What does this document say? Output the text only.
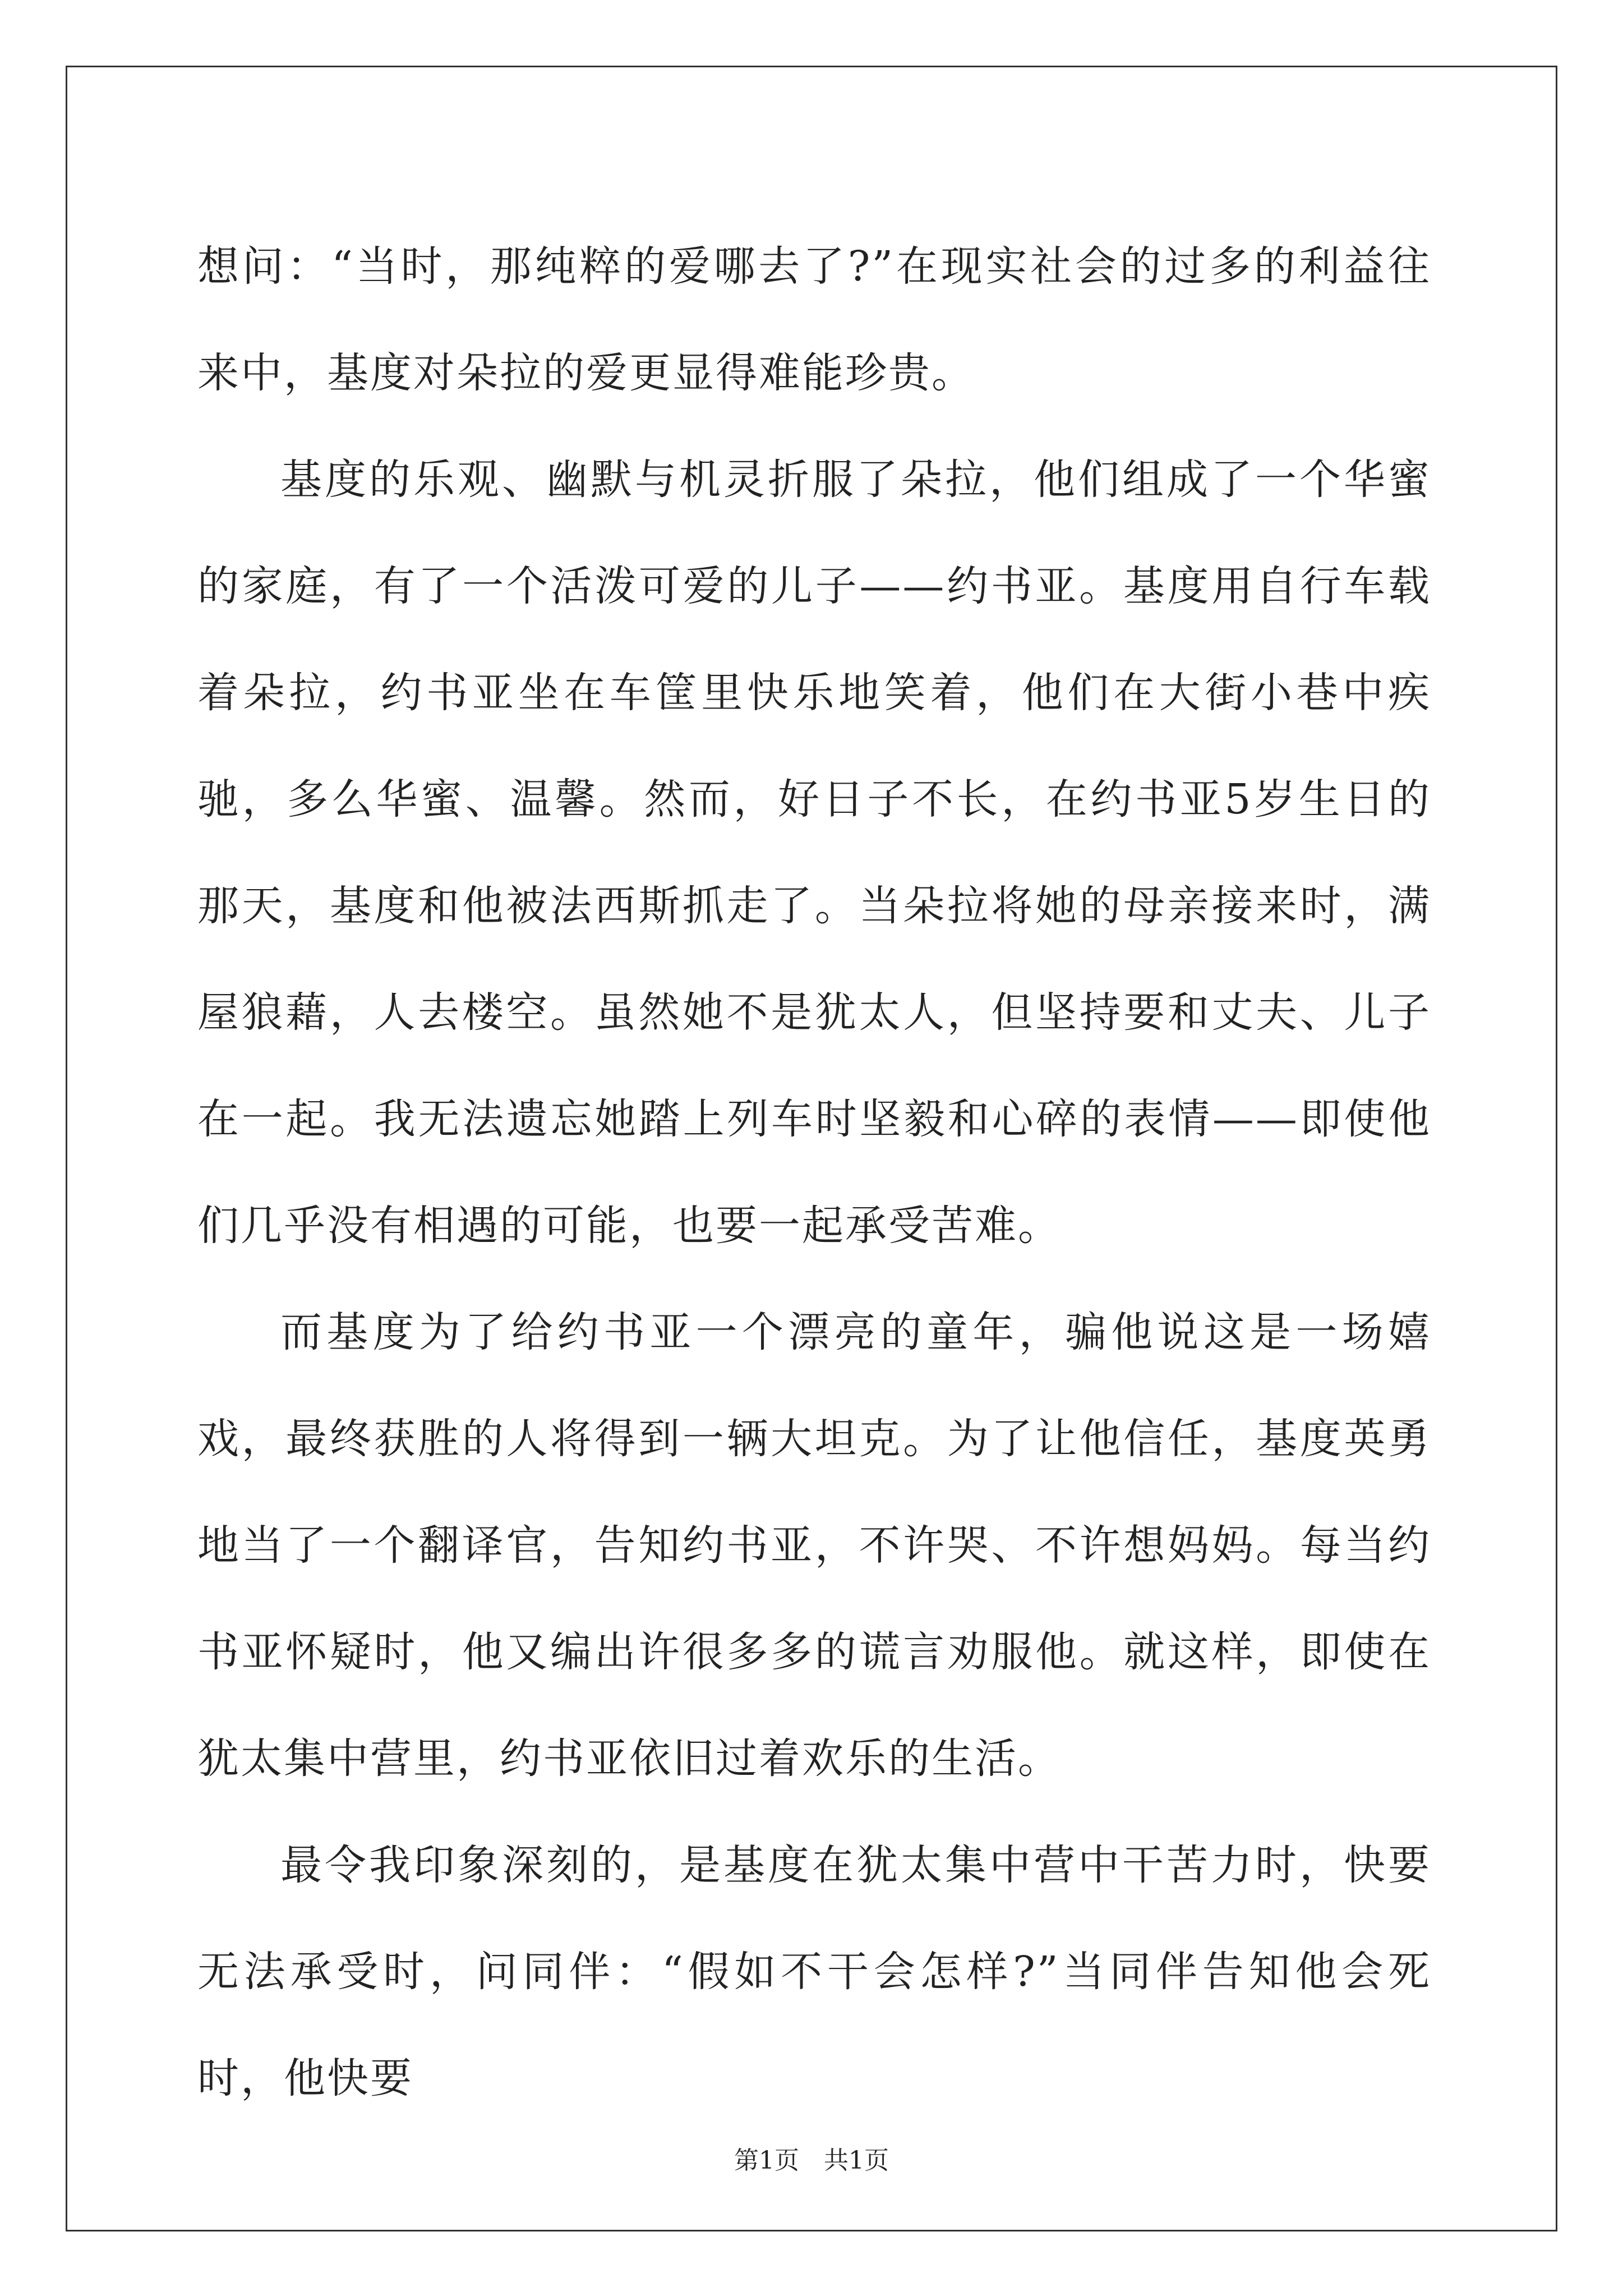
想问：“当时，那纯粹的爱哪去了?”在现实社会的过多的利益往来中，基度对朵拉的爱更显得难能珍贵。

基度的乐观、幽默与机灵折服了朵拉，他们组成了一个华蜜的家庭，有了一个活泼可爱的儿子——约书亚。基度用自行车载着朵拉，约书亚坐在车筐里快乐地笑着，他们在大街小巷中疾驰，多么华蜜、温馨。然而，好日子不长，在约书亚5岁生日的那天，基度和他被法西斯抓走了。当朵拉将她的母亲接来时，满屋狼藉，人去楼空。虽然她不是犹太人，但坚持要和丈夫、儿子在一起。我无法遗忘她踏上列车时坚毅和心碎的表情——即使他们几乎没有相遇的可能，也要一起承受苦难。

而基度为了给约书亚一个漂亮的童年，骗他说这是一场嬉戏，最终获胜的人将得到一辆大坦克。为了让他信任，基度英勇地当了一个翻译官，告知约书亚，不许哭、不许想妈妈。每当约书亚怀疑时，他又编出许很多多的谎言劝服他。就这样，即使在犹太集中营里，约书亚依旧过着欢乐的生活。

最令我印象深刻的，是基度在犹太集中营中干苦力时，快要无法承受时，问同伴：“假如不干会怎样?”当同伴告知他会死时，他快要

第1页　共1页
